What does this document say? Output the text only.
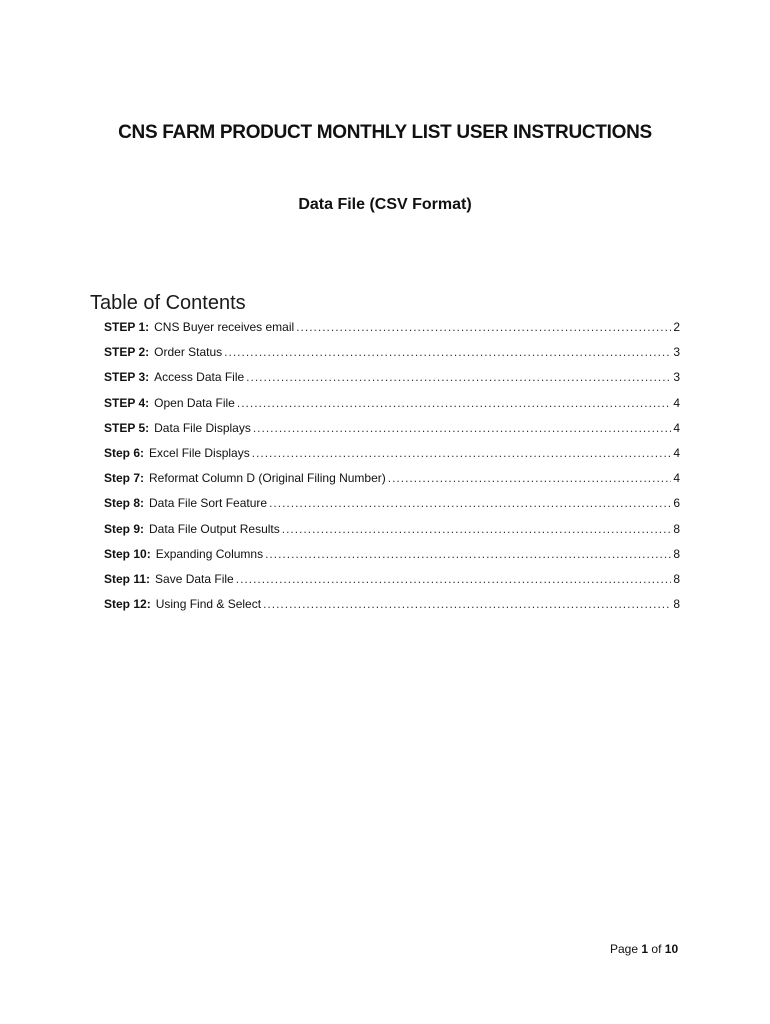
CNS FARM PRODUCT MONTHLY LIST USER INSTRUCTIONS
Data File (CSV Format)
Table of Contents
STEP 1 : CNS Buyer receives email .....	2
STEP 2 : Order Status .....	3
STEP 3 : Access Data File .....	3
STEP 4 : Open Data File .....	4
STEP 5 : Data File Displays .....	4
Step 6 : Excel File Displays .....	4
Step 7 : Reformat Column D (Original Filing Number) .....	4
Step 8 : Data File Sort Feature .....	6
Step 9 : Data File Output Results .....	8
Step 10 : Expanding Columns .....	8
Step 11 : Save Data File .....	8
Step 12 : Using Find & Select .....	8
Page 1 of 10
